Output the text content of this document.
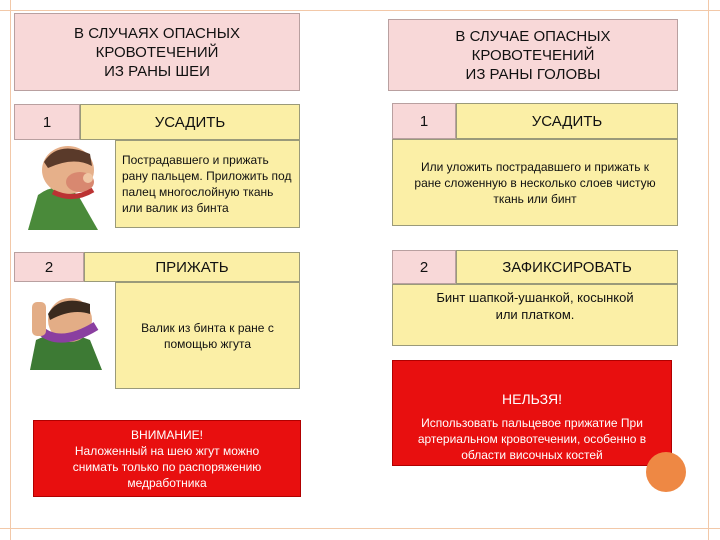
В СЛУЧАЯХ ОПАСНЫХ
КРОВОТЕЧЕНИЙ
ИЗ РАНЫ ШЕИ
1	УСАДИТЬ
Пострадавшего и прижать рану пальцем. Приложить под палец многослойную ткань или валик из бинта
2	ПРИЖАТЬ
Валик из бинта к ране с помощью жгута
ВНИМАНИЕ!
Наложенный на шею жгут можно снимать только по распоряжению медработника
В СЛУЧАЕ ОПАСНЫХ
КРОВОТЕЧЕНИЙ
ИЗ РАНЫ ГОЛОВЫ
1	УСАДИТЬ
Или уложить пострадавшего и прижать к ране сложенную в несколько слоев чистую ткань или бинт
2	ЗАФИКСИРОВАТЬ
Бинт шапкой-ушанкой, косынкой или платком.
НЕЛЬЗЯ!
Использовать пальцевое прижатие При артериальном кровотечении, особенно в области височных костей
